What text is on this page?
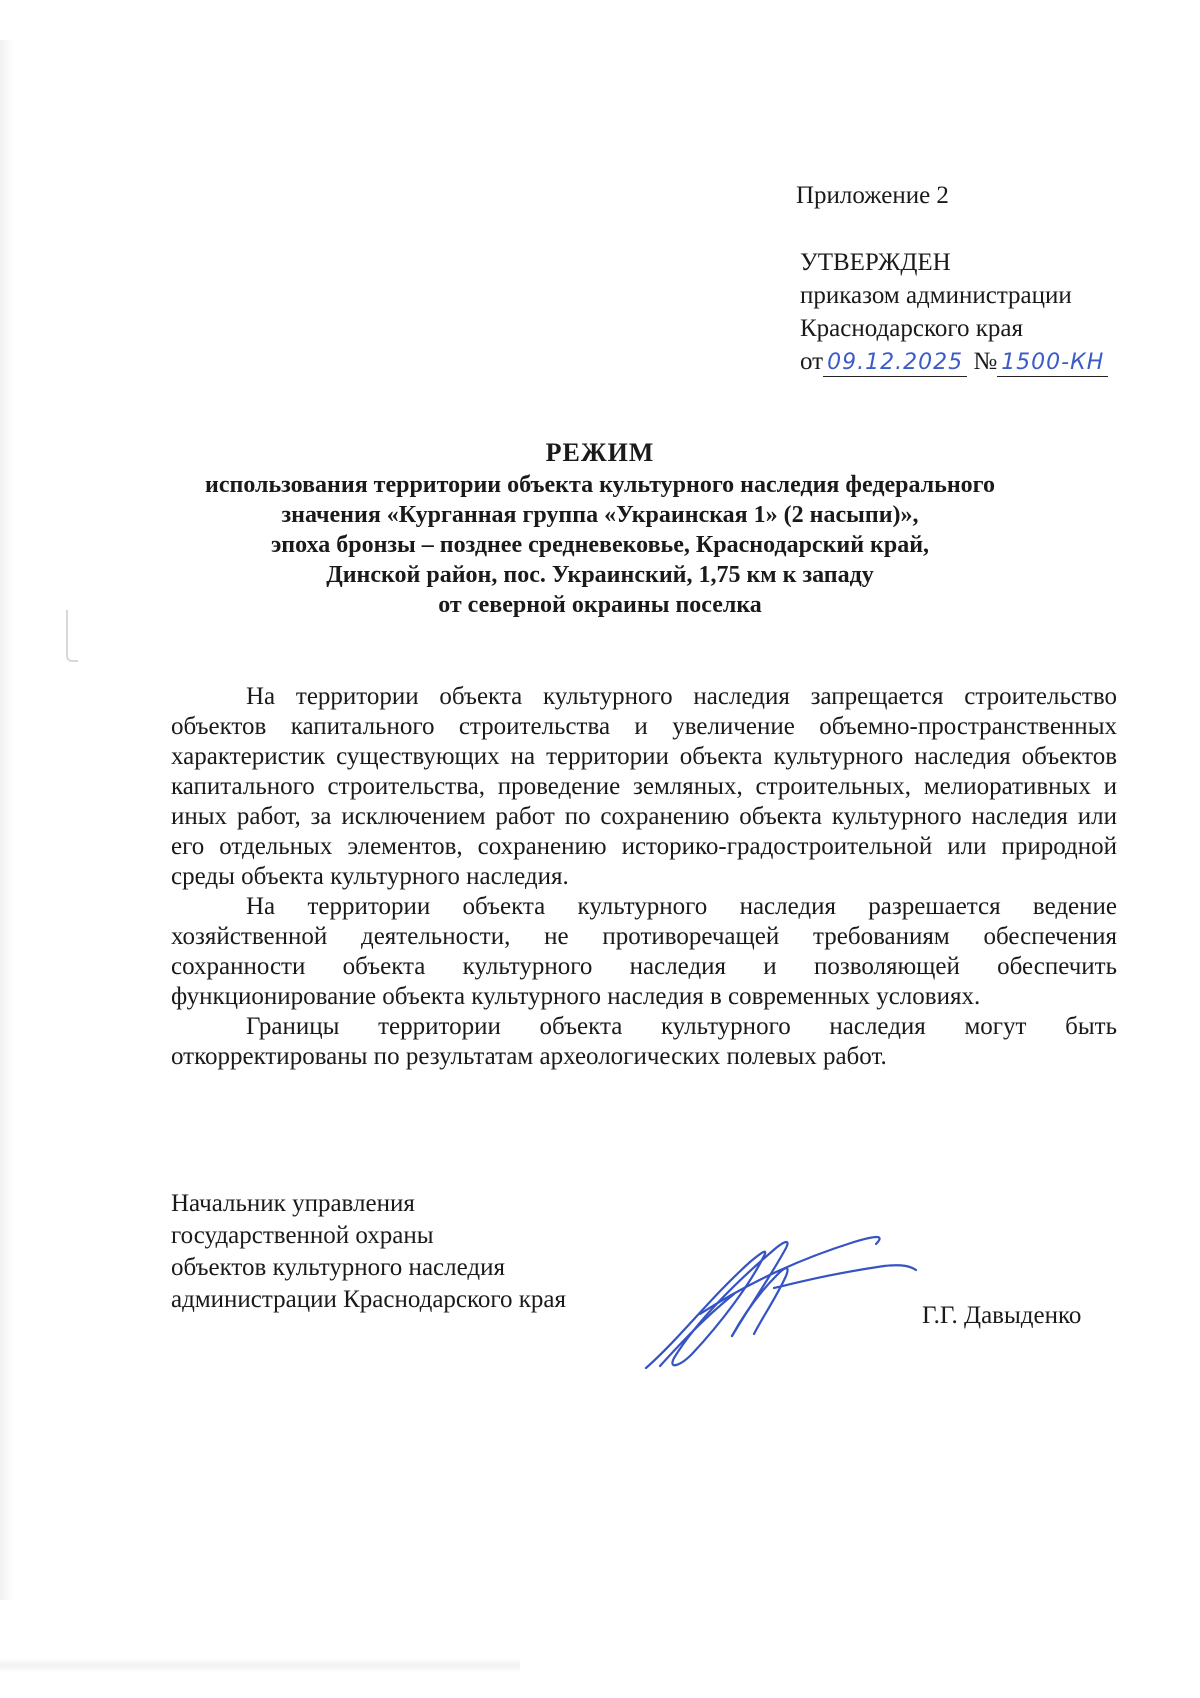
Приложение 2
УТВЕРЖДЕН
приказом администрации
Краснодарского края
от 09.12.2025 № 1500-КН
РЕЖИМ
использования территории объекта культурного наследия федерального
значения «Курганная группа «Украинская 1» (2 насыпи)»,
эпоха бронзы – позднее средневековье, Краснодарский край,
Динской район, пос. Украинский, 1,75 км к западу
от северной окраины поселка

На территории объекта культурного наследия запрещается строительство объектов капитального строительства и увеличение объемно-пространственных характеристик существующих на территории объекта культурного наследия объектов капитального строительства, проведение земляных, строительных, мелиоративных и иных работ, за исключением работ по сохранению объекта культурного наследия или его отдельных элементов, сохранению историко-градостроительной или природной среды объекта культурного наследия.

На территории объекта культурного наследия разрешается ведение хозяйственной деятельности, не противоречащей требованиям обеспечения сохранности объекта культурного наследия и позволяющей обеспечить функционирование объекта культурного наследия в современных условиях.

Границы территории объекта культурного наследия могут быть откорректированы по результатам археологических полевых работ.

Начальник управления
государственной охраны
объектов культурного наследия
администрации Краснодарского края
Г.Г. Давыденко
